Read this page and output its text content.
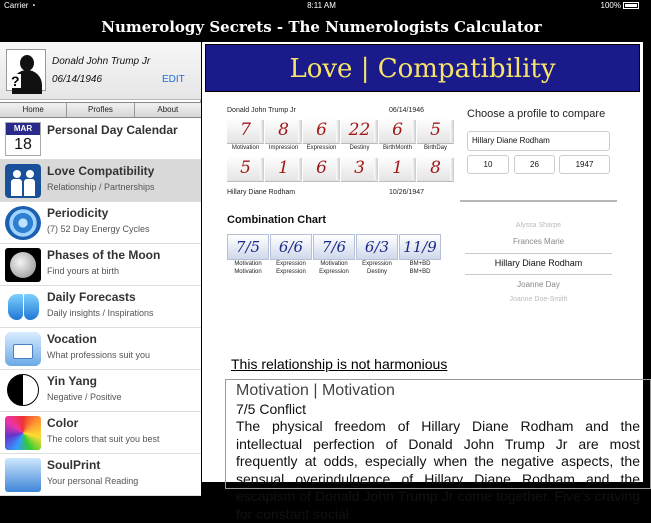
Carrier ◔	8:11 AM	100%
Numerology Secrets - The Numerologists Calculator
?
Donald John Trump Jr
06/14/1946	EDIT
Home	Profles	About
MAR
18
Personal Day Calendar
Love Compatibility
Relationship / Partnerships
Periodicity
(7) 52 Day Energy Cycles
Phases of the Moon
Find yours at birth
Daily Forecasts
Daily insights / Inspirations
Vocation
What professions suit you
Yin Yang
Negative / Positive
Color
The colors that suit you best
SoulPrint
Your personal Reading
Love | Compatibility
Donald John Trump Jr	06/14/1946
7	8	6	22	6	5
Motivation	Impression	Expression	Destiny	BirthMonth	BirthDay
5	1	6	3	1	8
Hillary Diane Rodham	10/26/1947
Combination Chart
7/5
Motivation
Motivation
6/6
Expression
Expression
7/6
Motivation
Expression
6/3
Expression
Destiny
11/9
BM+BD
BM+BD
Choose a profile to compare
Hillary Diane Rodham
10	26	1947
Alyssa Sharpe
Frances Marie
Hillary Diane Rodham
Joanne Day
Joanne Doe-Smith
This relationship is not harmonious
Motivation | Motivation
7/5 Conflict
The physical freedom of Hillary Diane Rodham and the intellectual perfection of Donald John Trump Jr are most frequently at odds, especially when the negative aspects, the sensual overindulgence of Hillary Diane Rodham and the escapism of Donald John Trump Jr come together. Five's craving for constant social
